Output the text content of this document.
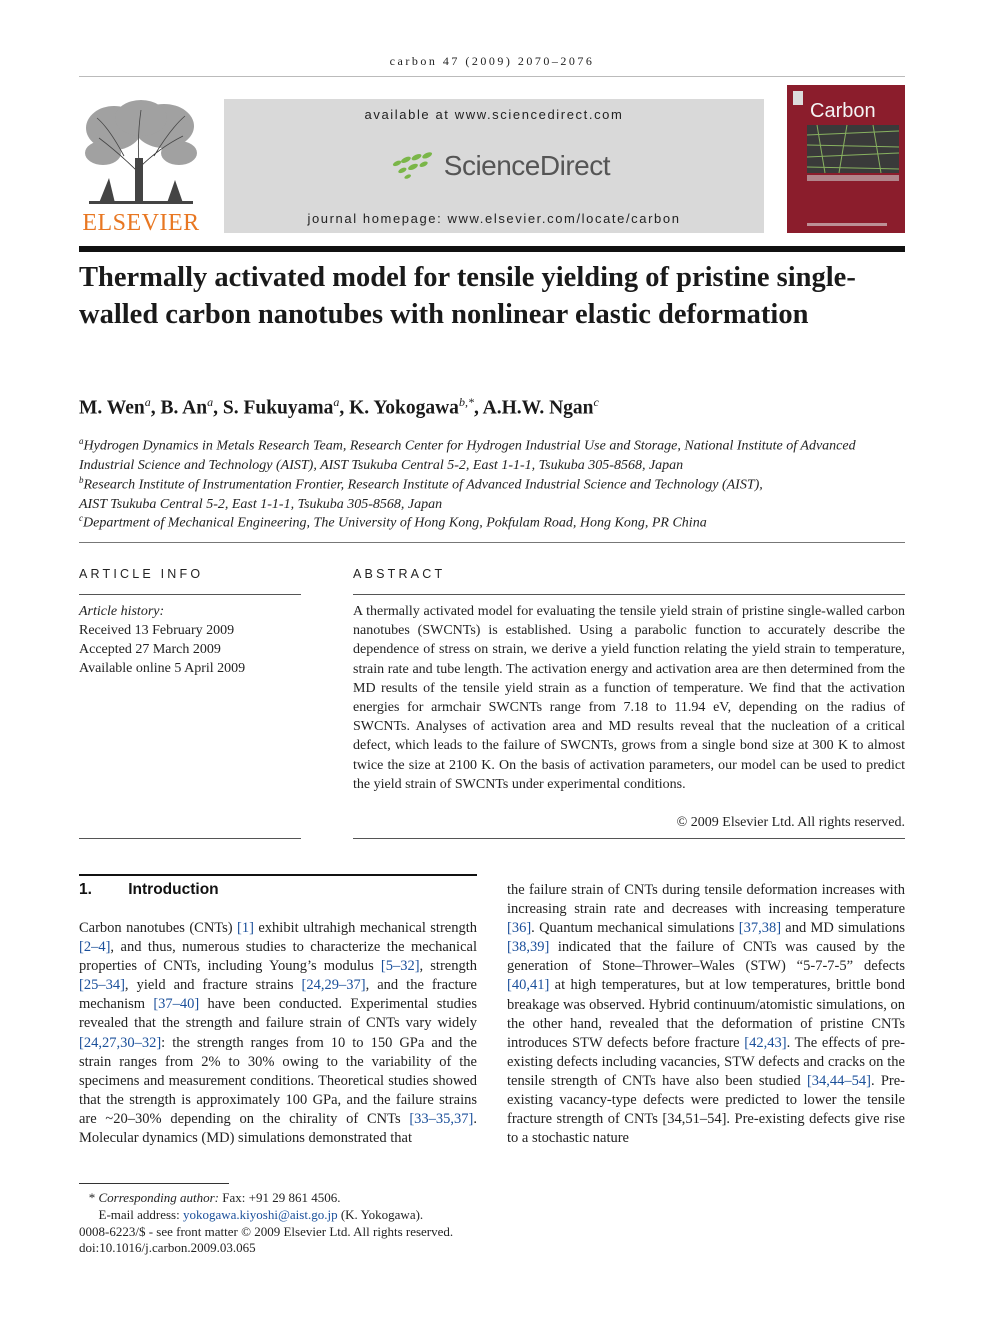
carbon 47 (2009) 2070–2076
ELSEVIER
available at www.sciencedirect.com
ScienceDirect
journal homepage: www.elsevier.com/locate/carbon
Carbon
Thermally activated model for tensile yielding of pristine single-walled carbon nanotubes with nonlinear elastic deformation
M. Wen$^a$, B. An$^a$, S. Fukuyama$^a$, K. Yokogawa$^{b,*}$, A.H.W. Ngan$^c$
$^a$Hydrogen Dynamics in Metals Research Team, Research Center for Hydrogen Industrial Use and Storage, National Institute of Advanced
Industrial Science and Technology (AIST), AIST Tsukuba Central 5-2, East 1-1-1, Tsukuba 305-8568, Japan
$^b$Research Institute of Instrumentation Frontier, Research Institute of Advanced Industrial Science and Technology (AIST),
AIST Tsukuba Central 5-2, East 1-1-1, Tsukuba 305-8568, Japan
$^c$Department of Mechanical Engineering, The University of Hong Kong, Pokfulam Road, Hong Kong, PR China
ARTICLE INFO
Article history:
Received 13 February 2009
Accepted 27 March 2009
Available online 5 April 2009
ABSTRACT
A thermally activated model for evaluating the tensile yield strain of pristine single-walled carbon nanotubes (SWCNTs) is established. Using a parabolic function to accurately describe the dependence of stress on strain, we derive a yield function relating the yield strain to temperature, strain rate and tube length. The activation energy and activation area are then determined from the MD results of the tensile yield strain as a function of temperature. We find that the activation energies for armchair SWCNTs range from 7.18 to 11.94 eV, depending on the radius of SWCNTs. Analyses of activation area and MD results reveal that the nucleation of a critical defect, which leads to the failure of SWCNTs, grows from a single bond size at 300 K to almost twice the size at 2100 K. On the basis of activation parameters, our model can be used to predict the yield strain of SWCNTs under experimental conditions.
© 2009 Elsevier Ltd. All rights reserved.
1. Introduction
Carbon nanotubes (CNTs) [1] exhibit ultrahigh mechanical strength [2–4], and thus, numerous studies to characterize the mechanical properties of CNTs, including Young’s modulus [5–32], strength [25–34], yield and fracture strains [24,29–37], and the fracture mechanism [37–40] have been conducted. Experimental studies revealed that the strength and failure strain of CNTs vary widely [24,27,30–32]: the strength ranges from 10 to 150 GPa and the strain ranges from 2% to 30% owing to the variability of the specimens and measurement conditions. Theoretical studies showed that the strength is approximately 100 GPa, and the failure strains are ~20–30% depending on the chirality of CNTs [33–35,37]. Molecular dynamics (MD) simulations demonstrated that
the failure strain of CNTs during tensile deformation increases with increasing strain rate and decreases with increasing temperature [36]. Quantum mechanical simulations [37,38] and MD simulations [38,39] indicated that the failure of CNTs was caused by the generation of Stone–Thrower–Wales (STW) “5-7-7-5” defects [40,41] at high temperatures, but at low temperatures, brittle bond breakage was observed. Hybrid continuum/atomistic simulations, on the other hand, revealed that the deformation of pristine CNTs introduces STW defects before fracture [42,43]. The effects of pre-existing defects including vacancies, STW defects and cracks on the tensile strength of CNTs have also been studied [34,44–54]. Pre-existing vacancy-type defects were predicted to lower the tensile fracture strength of CNTs [34,51–54]. Pre-existing defects give rise to a stochastic nature
* Corresponding author: Fax: +91 29 861 4506.
E-mail address: yokogawa.kiyoshi@aist.go.jp (K. Yokogawa).
0008-6223/$ - see front matter © 2009 Elsevier Ltd. All rights reserved.
doi:10.1016/j.carbon.2009.03.065
